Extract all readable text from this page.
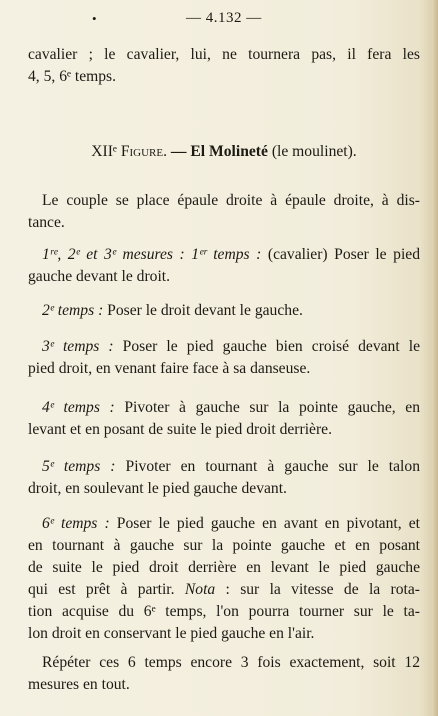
•	— 4.132 —
cavalier ; le cavalier, lui, ne tournera pas, il fera les
4, 5, 6ᵉ temps.
XIIᵉ Figure. — El Molineté (le moulinet).
Le couple se place épaule droite à épaule droite, à dis-
tance.
1ʳᵉ, 2ᵉ et 3ᵉ mesures : 1ᵉʳ temps : (cavalier) Poser le pied
gauche devant le droit.
2ᵉ temps : Poser le droit devant le gauche.
3ᵉ temps : Poser le pied gauche bien croisé devant le
pied droit, en venant faire face à sa danseuse.
4ᵉ temps : Pivoter à gauche sur la pointe gauche, en
levant et en posant de suite le pied droit derrière.
5ᵉ temps : Pivoter en tournant à gauche sur le talon
droit, en soulevant le pied gauche devant.
6ᵉ temps : Poser le pied gauche en avant en pivotant, et
en tournant à gauche sur la pointe gauche et en posant
de suite le pied droit derrière en levant le pied gauche
qui est prêt à partir. Nota : sur la vitesse de la rota-
tion acquise du 6ᵉ temps, l'on pourra tourner sur le ta-
lon droit en conservant le pied gauche en l'air.
Répéter ces 6 temps encore 3 fois exactement, soit 12
mesures en tout.
